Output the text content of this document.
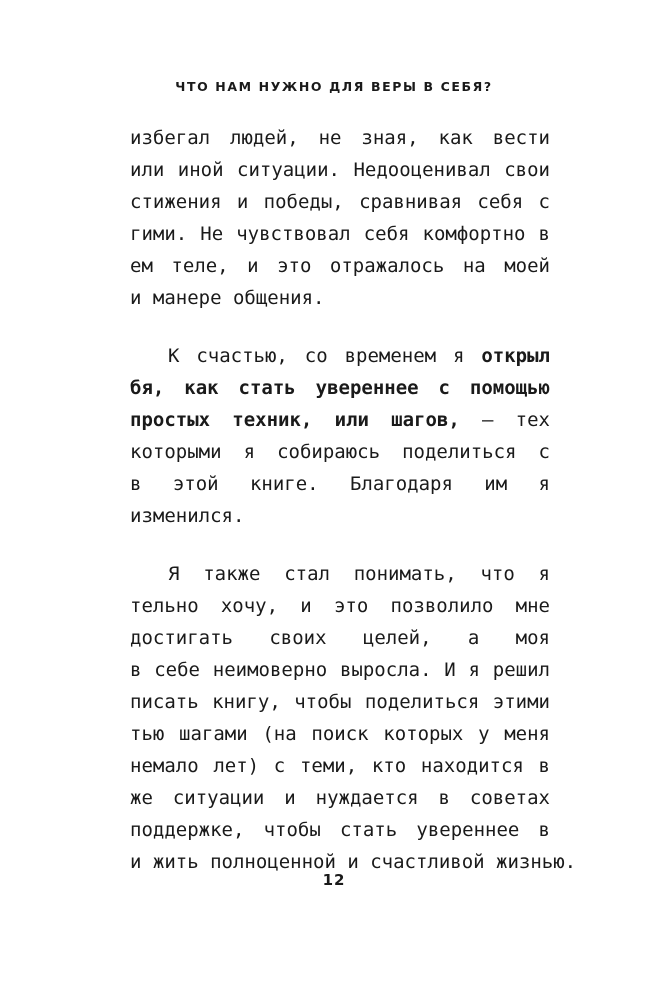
ЧТО НАМ НУЖНО ДЛЯ ВЕРЫ В СЕБЯ?
избегал людей, не зная, как вести
или иной ситуации. Недооценивал свои
стижения и победы, сравнивая себя с
гими. Не чувствовал себя комфортно в
ем теле, и это отражалось на моей
и манере общения.
К счастью, со временем я открыл
бя, как стать увереннее с помощью
простых техник, или шагов, — тех
которыми я собираюсь поделиться с
в этой книге. Благодаря им я
изменился.
Я также стал понимать, что я
тельно хочу, и это позволило мне
достигать своих целей, а моя
в себе неимоверно выросла. И я решил
писать книгу, чтобы поделиться этими
тью шагами (на поиск которых у меня
немало лет) с теми, кто находится в
же ситуации и нуждается в советах
поддержке, чтобы стать увереннее в
и жить полноценной и счастливой жизнью.
12
